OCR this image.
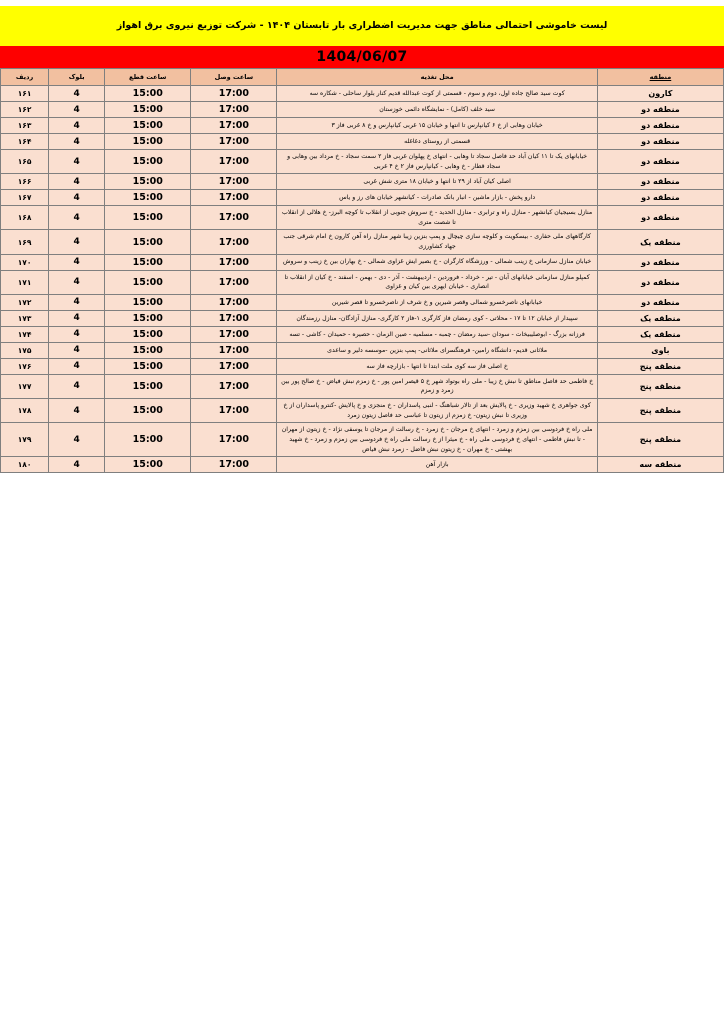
لیست خاموشی احتمالی مناطق جهت مدیریت اضطراری بار تابستان ۱۴۰۴ - شرکت توزیع نیروی برق اهواز
1404/06/07
منطقه	محل تغذیه	ساعت وصل	ساعت قطع	بلوک	ردیف
کارون	کوت سید صالح جاده اول، دوم و سوم - قسمتی از کوت عبدالله قدیم کنار بلوار ساحلی - شکاره سه	17:00	15:00	4	۱۶۱
منطقه دو	سید خلف (کامل) - نمایشگاه دائمی خوزستان	17:00	15:00	4	۱۶۲
منطقه دو	خیابان وهابی از خ ۶ کیانپارس تا انتها و خیابان ۱۵ غربی کیانپارس و خ ۸ غربی فاز ۳	17:00	15:00	4	۱۶۳
منطقه دو	قسمتی از روستای دغاغله	17:00	15:00	4	۱۶۴
منطقه دو	خیابانهای یک تا ۱۱ کیان آباد حد فاصل سجاد تا وهابی - انتهای خ پهلوان غربی فاز ۲ سمت سجاد - خ مرداد بین وهابی و سجاد قطار - خ وهابی - کیانپارس فاز ۲ خ ۴ غربی	17:00	15:00	4	۱۶۵
منطقه دو	اصلی کیان آباد از ۲۹ تا انتها و خیابان ۱۸ متری شش غربی	17:00	15:00	4	۱۶۶
منطقه دو	دارو پخش - بازار ماشین - انبار بانک صادرات - کیانشهر خیابان های رز و یاس	17:00	15:00	4	۱۶۷
منطقه دو	منازل بسیجیان کیانشهر - منازل راه و ترابری - منازل الحدید - خ سروش جنوبی از انقلاب تا کوچه البرز- خ هلالی از انقلاب تا شصت متری	17:00	15:00	4	۱۶۸
منطقه یک	کارگاههای ملی حفاری - بیسکویت و کلوچه سازی چیچال و پمپ بنزین زیبا شهر منازل راه آهن کارون خ امام شرقی جنب جهاد کشاورزی	17:00	15:00	4	۱۶۹
منطقه دو	خیابان منازل سازمانی خ زینب شمالی - ورزشگاه کارگران - خ بصیر ایش غزاوی شمالی - خ بهاران بین خ زینب و سروش	17:00	15:00	4	۱۷۰
منطقه دو	کمپلو منازل سازمانی خیابانهای آبان - تیر - خرداد - فروردین - اردیبهشت - آذر - دی - بهمن - اسفند - خ کیان از انقلاب تا انصاری - خیابان ایهری بین کیان و غزاوی	17:00	15:00	4	۱۷۱
منطقه دو	خیابانهای ناصرخسرو شمالی وقصر شیرین و خ شرف از ناصرخسرو تا قصر شیرین	17:00	15:00	4	۱۷۲
منطقه یک	سپیدار از خیابان ۱۲ تا ۱۷ - محلاتی - کوی رمضان فاز کارگری ۱-فاز ۲ کارگری- منازل آزادگان- منازل رزمندگان	17:00	15:00	4	۱۷۳
منطقه یک	فرزانه بزرگ - ابوصلیبیخات - سودان -سید رمضان - چمبه - مسلمیه - صین الزمان - حصیره - حمیدان - کاشی - تسه	17:00	15:00	4	۱۷۴
باوی	ملاثانی قدیم- دانشگاه رامین- فرهنگسرای ملاثانی- پمپ بنزین -موسسه دلیر و ساعدی	17:00	15:00	4	۱۷۵
منطقه پنج	خ اصلی فاز سه کوی ملت ابتدا تا انتها - بازارچه فاز سه	17:00	15:00	4	۱۷۶
منطقه پنج	خ فاطمی حد فاصل مناطق تا نبش خ زیبا - ملی راه بوتواد شهر خ ۵ قیصر امین پور - خ زمزم نبش فیاض - خ صالح پور بین زمرد و زمزم	17:00	15:00	4	۱۷۷
منطقه پنج	کوی جواهری خ شهید وزیری - خ پالایش بعد از تالار شباهنگ - لنبی پاسداران - خ منجزی و خ پالایش -کنترو پاسداران از خ وزیری تا نبش زیتون- خ زمزم از زیتون تا عباسی حد فاصل زیتون زمرد	17:00	15:00	4	۱۷۸
منطقه پنج	ملی راه خ فردوسی بین زمزم و زمرد - انتهای خ مرجان - خ زمرد - خ رسالت از مرجان تا یوسفی نژاد - خ زیتون از مهران - تا نبش فاطمی - انتهای خ فردوسی ملی راه - خ میثرا از خ رسالت ملی راه خ فردوسی بین زمزم و زمرد - خ شهید بهشتی - خ مهران - خ زیتون نبش فاضل - زمرد نبش فیاض	17:00	15:00	4	۱۷۹
منطقه سه	بازار آهن	17:00	15:00	4	۱۸۰
